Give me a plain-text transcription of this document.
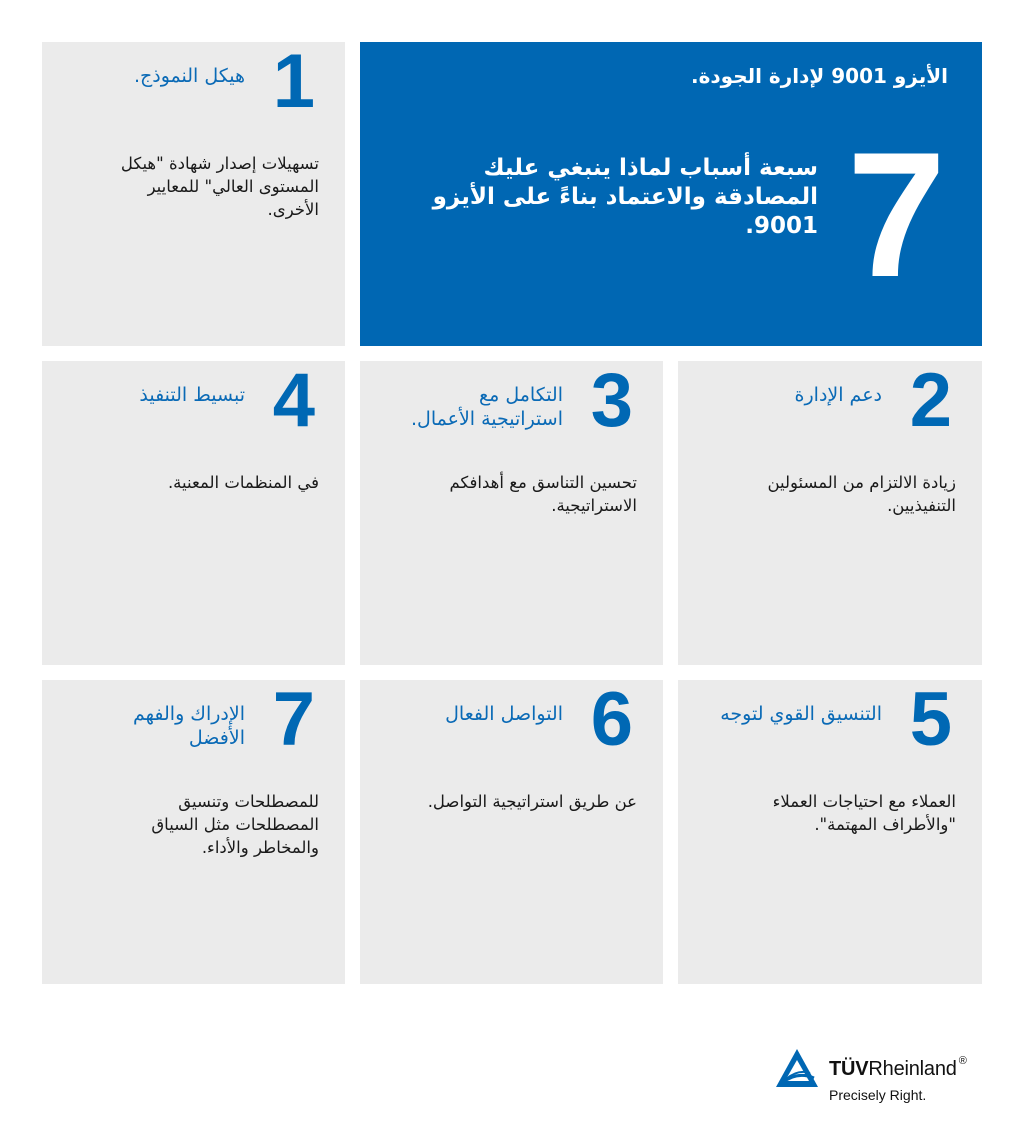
1
هيكل النموذج.
تسهيلات إصدار شهادة "هيكل المستوى العالي" للمعايير الأخرى.
الأيزو 9001 لإدارة الجودة.
7
سبعة أسباب لماذا ينبغي عليك المصادقة والاعتماد بناءً على الأيزو 9001.
4
تبسيط التنفيذ
في المنظمات المعنية.
3
التكامل مع استراتيجية الأعمال.
تحسين التناسق مع أهدافكم الاستراتيجية.
2
دعم الإدارة
زيادة الالتزام من المسئولين التنفيذيين.
7
الإدراك والفهم الأفضل
للمصطلحات وتنسيق المصطلحات مثل السياق والمخاطر والأداء.
6
التواصل الفعال
عن طريق استراتيجية التواصل.
5
التنسيق القوي لتوجه
العملاء مع احتياجات العملاء "والأطراف المهتمة".
TÜVRheinland ®
Precisely Right.
